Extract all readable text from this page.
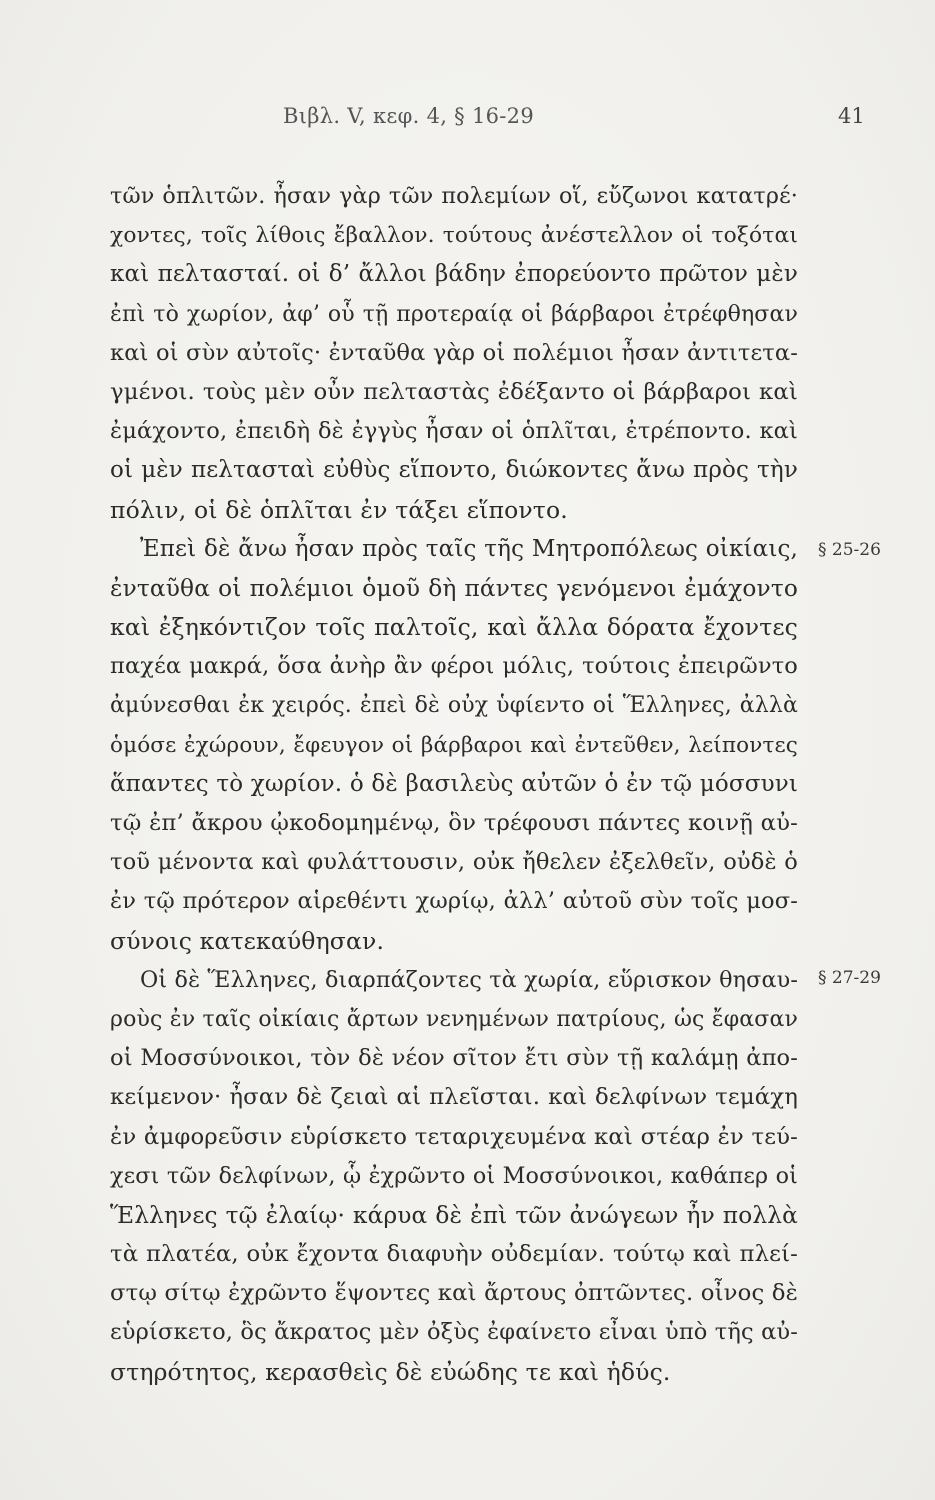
Βιβλ. V, κεφ. 4, § 16-29	41
§ 25-26
§ 27-29
τῶν ὁπλιτῶν. ἦσαν γὰρ τῶν πολεμίων οἵ, εὔζωνοι κατατρέ·
χοντες, τοῖς λίθοις ἔβαλλον. τούτους ἀνέστελλον οἱ τοξόται
καὶ πελτασταί. οἱ δ’ ἄλλοι βάδην ἐπορεύοντο πρῶτον μὲν
ἐπὶ τὸ χωρίον, ἀφ’ οὗ τῇ προτεραίᾳ οἱ βάρβαροι ἐτρέφθησαν
καὶ οἱ σὺν αὐτοῖς· ἐνταῦθα γὰρ οἱ πολέμιοι ἦσαν ἀντιτετα-
γμένοι. τοὺς μὲν οὖν πελταστὰς ἐδέξαντο οἱ βάρβαροι καὶ
ἐμάχοντο, ἐπειδὴ δὲ ἐγγὺς ἦσαν οἱ ὁπλῖται, ἐτρέποντο. καὶ
οἱ μὲν πελτασταὶ εὐθὺς εἵποντο, διώκοντες ἄνω πρὸς τὴν
πόλιν, οἱ δὲ ὁπλῖται ἐν τάξει εἵποντο.
Ἐπεὶ δὲ ἄνω ἦσαν πρὸς ταῖς τῆς Μητροπόλεως οἰκίαις,
ἐνταῦθα οἱ πολέμιοι ὁμοῦ δὴ πάντες γενόμενοι ἐμάχοντο
καὶ ἐξηκόντιζον τοῖς παλτοῖς, καὶ ἄλλα δόρατα ἔχοντες
παχέα μακρά, ὅσα ἀνὴρ ἂν φέροι μόλις, τούτοις ἐπειρῶντο
ἀμύνεσθαι ἐκ χειρός. ἐπεὶ δὲ οὐχ ὑφίεντο οἱ Ἕλληνες, ἀλλὰ
ὁμόσε ἐχώρουν, ἔφευγον οἱ βάρβαροι καὶ ἐντεῦθεν, λείποντες
ἅπαντες τὸ χωρίον. ὁ δὲ βασιλεὺς αὐτῶν ὁ ἐν τῷ μόσσυνι
τῷ ἐπ’ ἄκρου ᾠκοδομημένῳ, ὃν τρέφουσι πάντες κοινῇ αὐ-
τοῦ μένοντα καὶ φυλάττουσιν, οὐκ ἤθελεν ἐξελθεῖν, οὐδὲ ὁ
ἐν τῷ πρότερον αἱρεθέντι χωρίῳ, ἀλλ’ αὐτοῦ σὺν τοῖς μοσ-
σύνοις κατεκαύθησαν.
Οἱ δὲ Ἕλληνες, διαρπάζοντες τὰ χωρία, εὕρισκον θησαυ-
ροὺς ἐν ταῖς οἰκίαις ἄρτων νενημένων πατρίους, ὡς ἔφασαν
οἱ Μοσσύνοικοι, τὸν δὲ νέον σῖτον ἔτι σὺν τῇ καλάμῃ ἀπο-
κείμενον· ἦσαν δὲ ζειαὶ αἱ πλεῖσται. καὶ δελφίνων τεμάχη
ἐν ἀμφορεῦσιν εὑρίσκετο τεταριχευμένα καὶ στέαρ ἐν τεύ-
χεσι τῶν δελφίνων, ᾧ ἐχρῶντο οἱ Μοσσύνοικοι, καθάπερ οἱ
Ἕλληνες τῷ ἐλαίῳ· κάρυα δὲ ἐπὶ τῶν ἀνώγεων ἦν πολλὰ
τὰ πλατέα, οὐκ ἔχοντα διαφυὴν οὐδεμίαν. τούτῳ καὶ πλεί-
στῳ σίτῳ ἐχρῶντο ἕψοντες καὶ ἄρτους ὀπτῶντες. οἶνος δὲ
εὑρίσκετο, ὃς ἄκρατος μὲν ὀξὺς ἐφαίνετο εἶναι ὑπὸ τῆς αὐ-
στηρότητος, κερασθεὶς δὲ εὐώδης τε καὶ ἡδύς.
